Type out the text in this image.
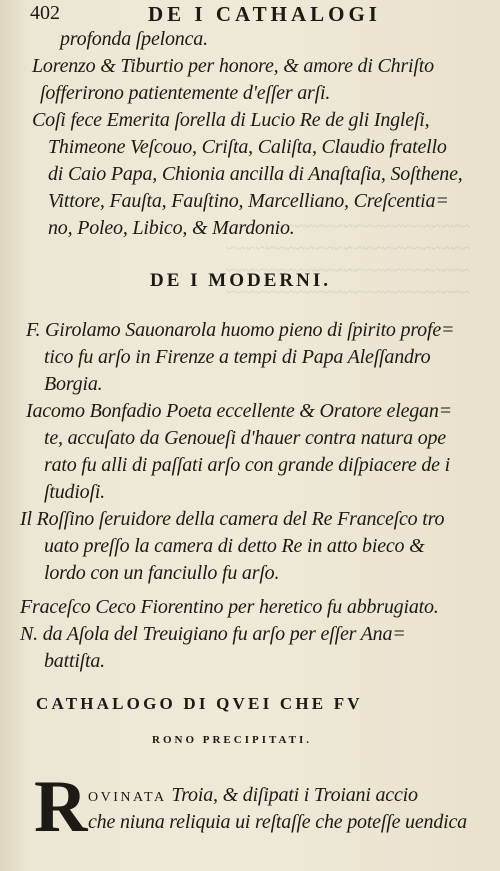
~~~~~~~~~~~~~~~~~~~~~~~~~
~~~~~~~~~~~~~~~~~~~~~~~~~
~~~~~~~~~~~~~~~~~~~~~~~~~
~~~~~~~~~~~~~~~~~~~~~~~~~
402	DE I CATHALOGI
profonda ſpelonca.
Lorenzo & Tiburtio per honore, & amore di Chriſto
ſofferirono patientemente d'eſſer arſi.
Coſi fece Emerita ſorella di Lucio Re de gli Ingleſi,
Thimeone Veſcouo, Criſta, Caliſta, Claudio fratello
di Caio Papa, Chionia ancilla di Anaſtaſia, Soſthene,
Vittore, Fauſta, Fauſtino, Marcelliano, Creſcentia=
no, Poleo, Libico, & Mardonio.
DE I MODERNI.
F. Girolamo Sauonarola huomo pieno di ſpirito profe=
tico fu arſo in Firenze a tempi di Papa Aleſſandro
Borgia.
Iacomo Bonfadio Poeta eccellente & Oratore elegan=
te, accuſato da Genoueſi d'hauer contra natura ope
rato fu alli di paſſati arſo con grande diſpiacere de i
ſtudioſi.
Il Roſſino ſeruidore della camera del Re Franceſco tro
uato preſſo la camera di detto Re in atto bieco &
lordo con un fanciullo fu arſo.
Fraceſco Ceco Fiorentino per heretico fu abbrugiato.
N. da Aſola del Treuigiano fu arſo per eſſer Ana=
battiſta.
CATHALOGO DI QVEI CHE FV
RONO PRECIPITATI.
R OVINATA Troia, & diſipati i Troiani accio
che niuna reliquia ui reſtaſſe che poteſſe uendica
